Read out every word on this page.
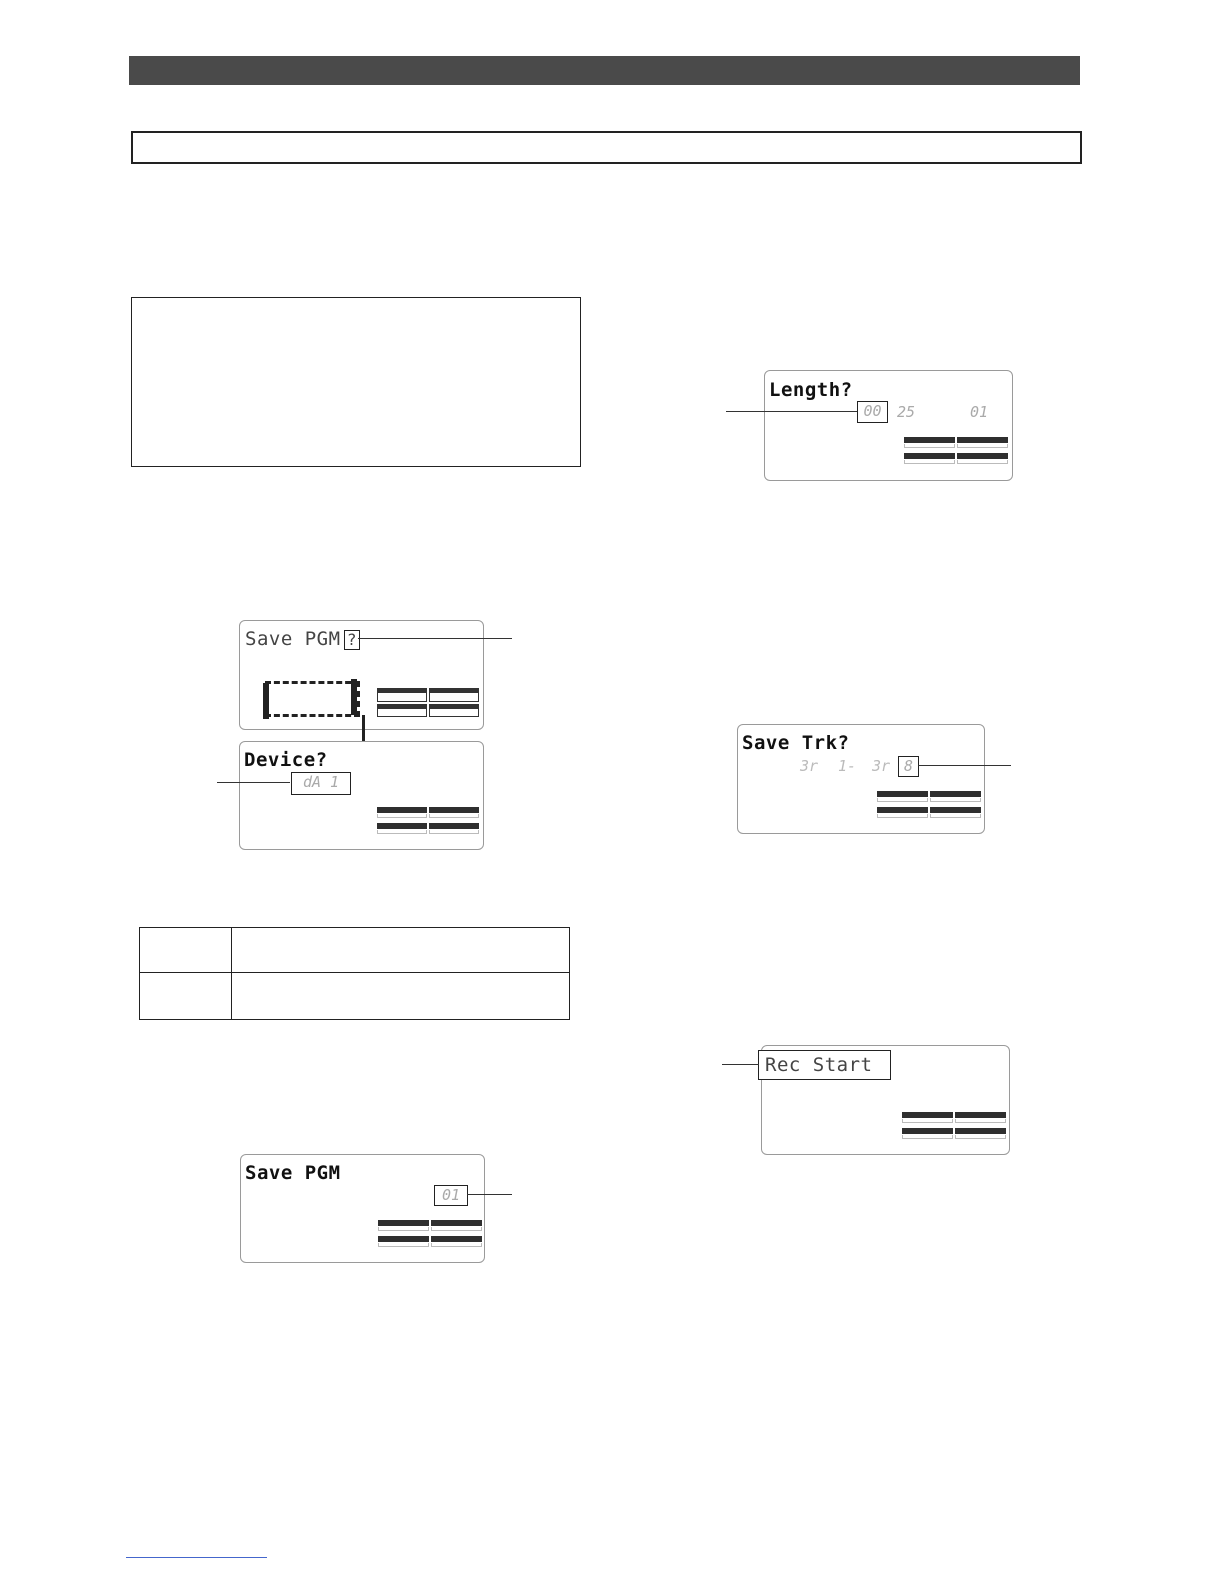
Length?
00	25	01
Save PGM ?
Device?
dA 1
Save Trk?
3r 1- 3r 8
Rec Start
Save PGM
01
